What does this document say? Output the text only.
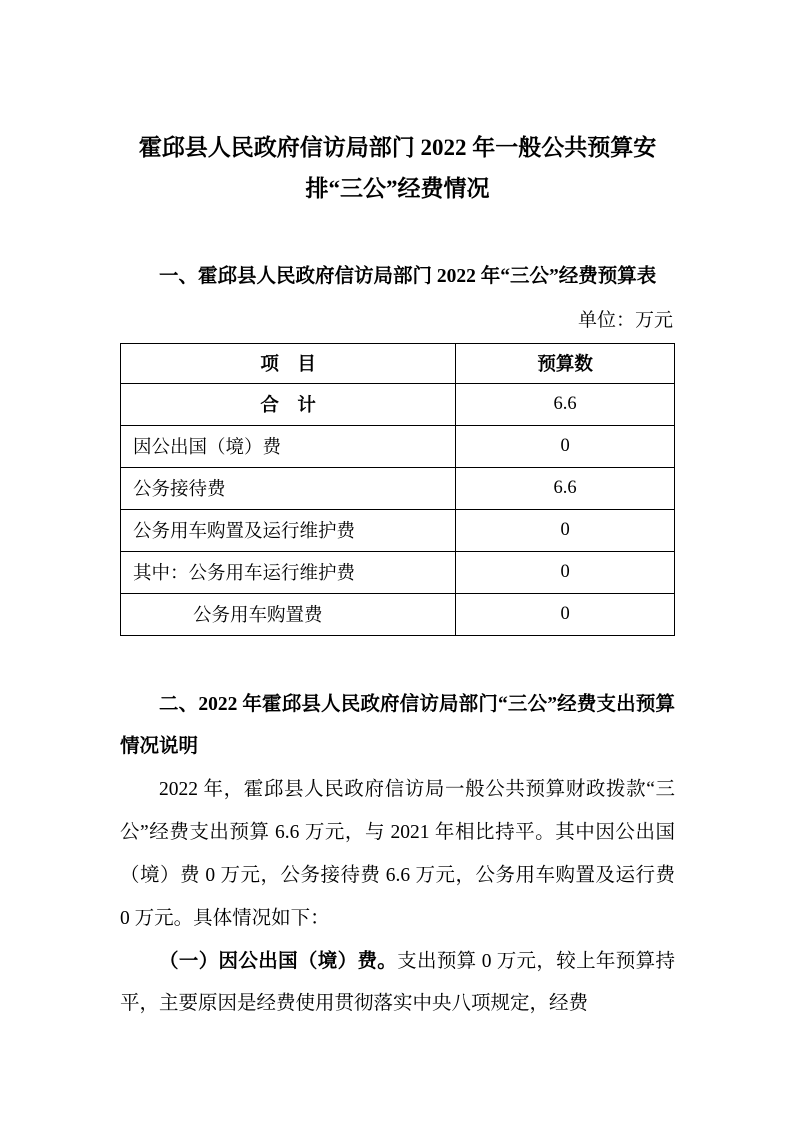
霍邱县人民政府信访局部门 2022 年一般公共预算安
排“三公”经费情况

一、霍邱县人民政府信访局部门 2022 年“三公”经费预算表

单位：万元
项　目	预算数
合　计	6.6
因公出国（境）费	0
公务接待费	6.6
公务用车购置及运行维护费	0
其中：公务用车运行维护费	0
公务用车购置费	0

二、2022 年霍邱县人民政府信访局部门“三公”经费支出预算情况说明

2022 年，霍邱县人民政府信访局一般公共预算财政拨款“三公”经费支出预算 6.6 万元，与 2021 年相比持平。其中因公出国（境）费 0 万元，公务接待费 6.6 万元，公务用车购置及运行费 0 万元。具体情况如下：

（一）因公出国（境）费。支出预算 0 万元，较上年预算持平，主要原因是经费使用贯彻落实中央八项规定，经费
